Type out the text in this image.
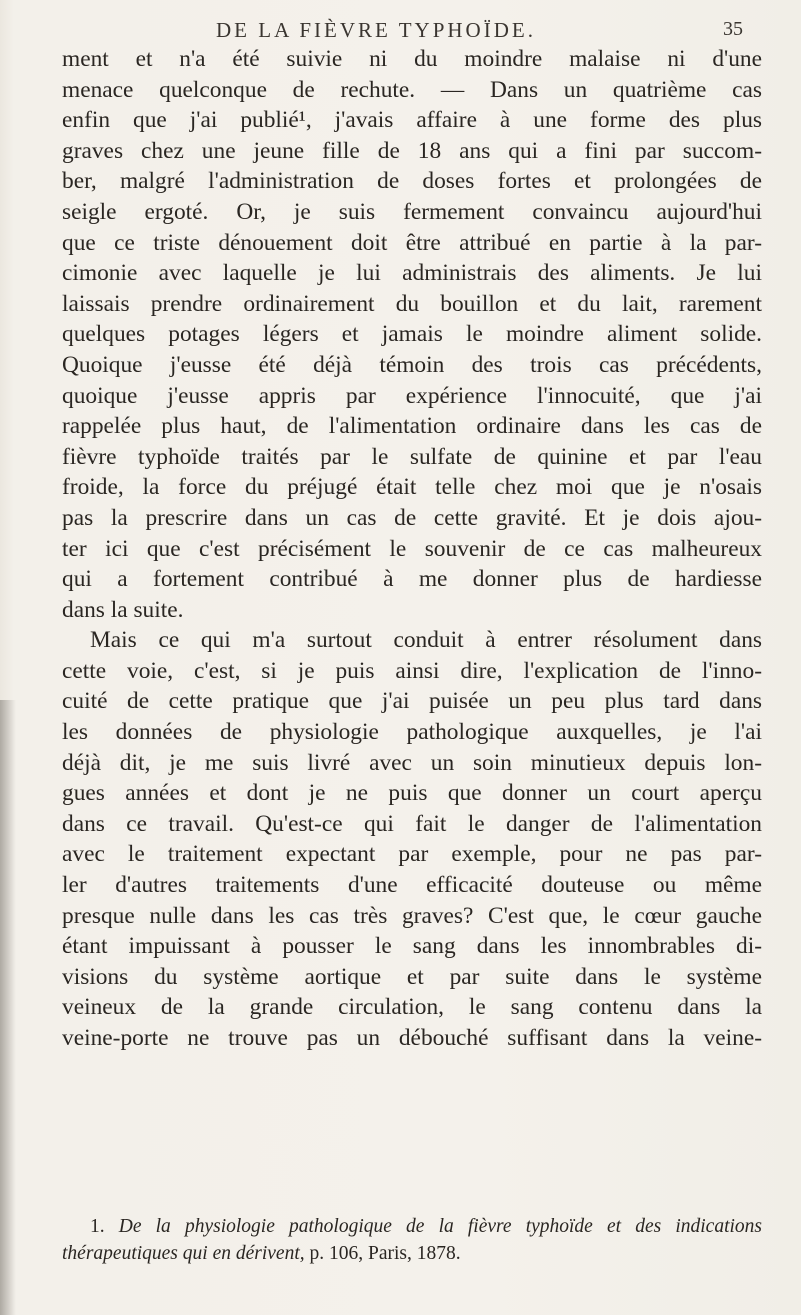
DE LA FIÈVRE TYPHOÏDE.	35
ment et n'a été suivie ni du moindre malaise ni d'une
menace quelconque de rechute. — Dans un quatrième cas
enfin que j'ai publié¹, j'avais affaire à une forme des plus
graves chez une jeune fille de 18 ans qui a fini par succom-
ber, malgré l'administration de doses fortes et prolongées de
seigle ergoté. Or, je suis fermement convaincu aujourd'hui
que ce triste dénouement doit être attribué en partie à la par-
cimonie avec laquelle je lui administrais des aliments. Je lui
laissais prendre ordinairement du bouillon et du lait, rarement
quelques potages légers et jamais le moindre aliment solide.
Quoique j'eusse été déjà témoin des trois cas précédents,
quoique j'eusse appris par expérience l'innocuité, que j'ai
rappelée plus haut, de l'alimentation ordinaire dans les cas de
fièvre typhoïde traités par le sulfate de quinine et par l'eau
froide, la force du préjugé était telle chez moi que je n'osais
pas la prescrire dans un cas de cette gravité. Et je dois ajou-
ter ici que c'est précisément le souvenir de ce cas malheureux
qui a fortement contribué à me donner plus de hardiesse
dans la suite.
Mais ce qui m'a surtout conduit à entrer résolument dans
cette voie, c'est, si je puis ainsi dire, l'explication de l'inno-
cuité de cette pratique que j'ai puisée un peu plus tard dans
les données de physiologie pathologique auxquelles, je l'ai
déjà dit, je me suis livré avec un soin minutieux depuis lon-
gues années et dont je ne puis que donner un court aperçu
dans ce travail. Qu'est-ce qui fait le danger de l'alimentation
avec le traitement expectant par exemple, pour ne pas par-
ler d'autres traitements d'une efficacité douteuse ou même
presque nulle dans les cas très graves? C'est que, le cœur gauche
étant impuissant à pousser le sang dans les innombrables di-
visions du système aortique et par suite dans le système
veineux de la grande circulation, le sang contenu dans la
veine-porte ne trouve pas un débouché suffisant dans la veine-
1. De la physiologie pathologique de la fièvre typhoïde et des indications
thérapeutiques qui en dérivent, p. 106, Paris, 1878.
